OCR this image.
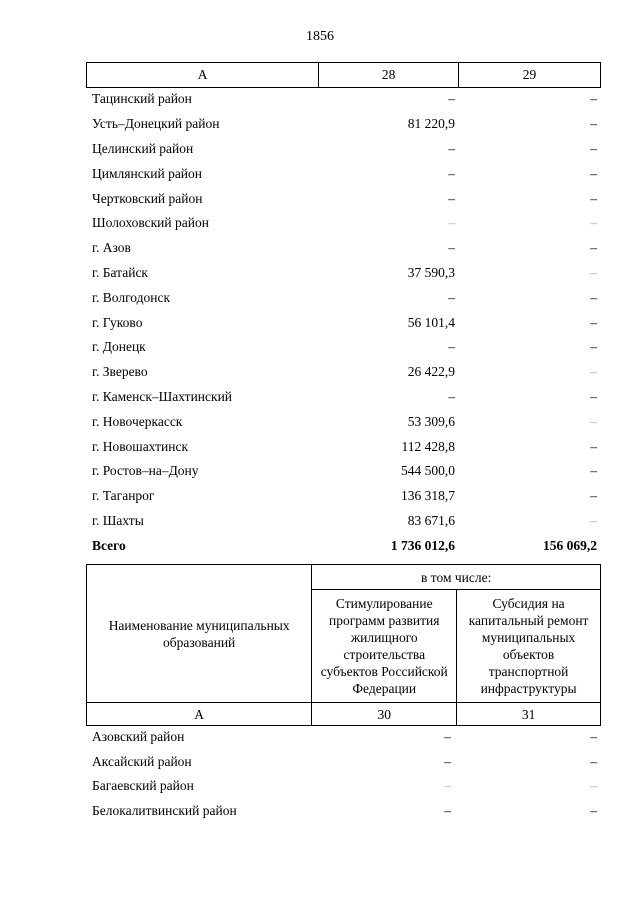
1856
А	28	29
Тацинский район	–	–
Усть–Донецкий район	81 220,9	–
Целинский район	–	–
Цимлянский район	–	–
Чертковский район	–	–
Шолоховский район	–	–
г. Азов	–	–
г. Батайск	37 590,3	–
г. Волгодонск	–	–
г. Гуково	56 101,4	–
г. Донецк	–	–
г. Зверево	26 422,9	–
г. Каменск–Шахтинский	–	–
г. Новочеркасск	53 309,6	–
г. Новошахтинск	112 428,8	–
г. Ростов–на–Дону	544 500,0	–
г. Таганрог	136 318,7	–
г. Шахты	83 671,6	–
Всего	1 736 012,6	156 069,2
Наименование муниципальных образований	в том числе:	
	Стимулирование программ развития жилищного строительства субъектов Российской Федерации	Субсидия на капитальный ремонт муниципальных объектов транспортной инфраструктуры
А	30	31
Азовский район	–	–
Аксайский район	–	–
Багаевский район	–	–
Белокалитвинский район	–	–
